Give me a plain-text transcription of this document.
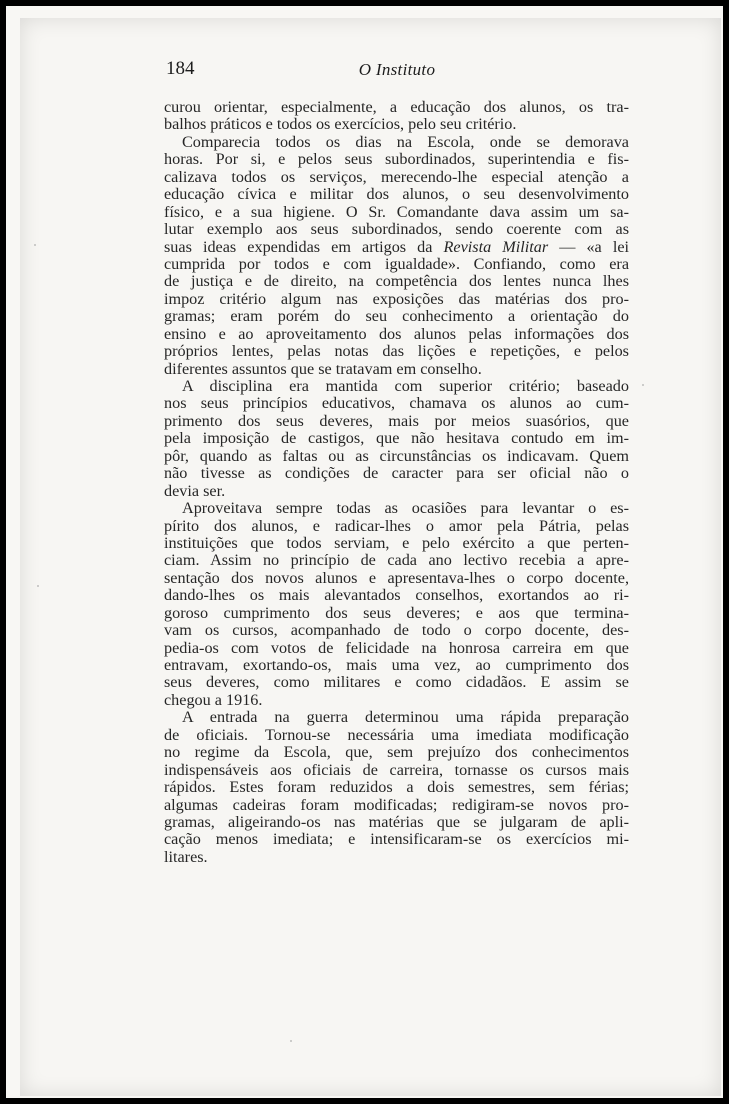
184	O Instituto
curou orientar, especialmente, a educação dos alunos, os tra-
balhos práticos e todos os exercícios, pelo seu critério.
Comparecia todos os dias na Escola, onde se demorava
horas. Por si, e pelos seus subordinados, superintendia e fis-
calizava todos os serviços, merecendo-lhe especial atenção a
educação cívica e militar dos alunos, o seu desenvolvimento
físico, e a sua higiene. O Sr. Comandante dava assim um sa-
lutar exemplo aos seus subordinados, sendo coerente com as
suas ideas expendidas em artigos da Revista Militar — «a lei
cumprida por todos e com igualdade». Confiando, como era
de justiça e de direito, na competência dos lentes nunca lhes
impoz critério algum nas exposições das matérias dos pro-
gramas; eram porém do seu conhecimento a orientação do
ensino e ao aproveitamento dos alunos pelas informações dos
próprios lentes, pelas notas das lições e repetições, e pelos
diferentes assuntos que se tratavam em conselho.
A disciplina era mantida com superior critério; baseado
nos seus princípios educativos, chamava os alunos ao cum-
primento dos seus deveres, mais por meios suasórios, que
pela imposição de castigos, que não hesitava contudo em im-
pôr, quando as faltas ou as circunstâncias os indicavam. Quem
não tivesse as condições de caracter para ser oficial não o
devia ser.
Aproveitava sempre todas as ocasiões para levantar o es-
pírito dos alunos, e radicar-lhes o amor pela Pátria, pelas
instituições que todos serviam, e pelo exército a que perten-
ciam. Assim no princípio de cada ano lectivo recebia a apre-
sentação dos novos alunos e apresentava-lhes o corpo docente,
dando-lhes os mais alevantados conselhos, exortandos ao ri-
goroso cumprimento dos seus deveres; e aos que termina-
vam os cursos, acompanhado de todo o corpo docente, des-
pedia-os com votos de felicidade na honrosa carreira em que
entravam, exortando-os, mais uma vez, ao cumprimento dos
seus deveres, como militares e como cidadãos. E assim se
chegou a 1916.
A entrada na guerra determinou uma rápida preparação
de oficiais. Tornou-se necessária uma imediata modificação
no regime da Escola, que, sem prejuízo dos conhecimentos
indispensáveis aos oficiais de carreira, tornasse os cursos mais
rápidos. Estes foram reduzidos a dois semestres, sem férias;
algumas cadeiras foram modificadas; redigiram-se novos pro-
gramas, aligeirando-os nas matérias que se julgaram de apli-
cação menos imediata; e intensificaram-se os exercícios mi-
litares.
